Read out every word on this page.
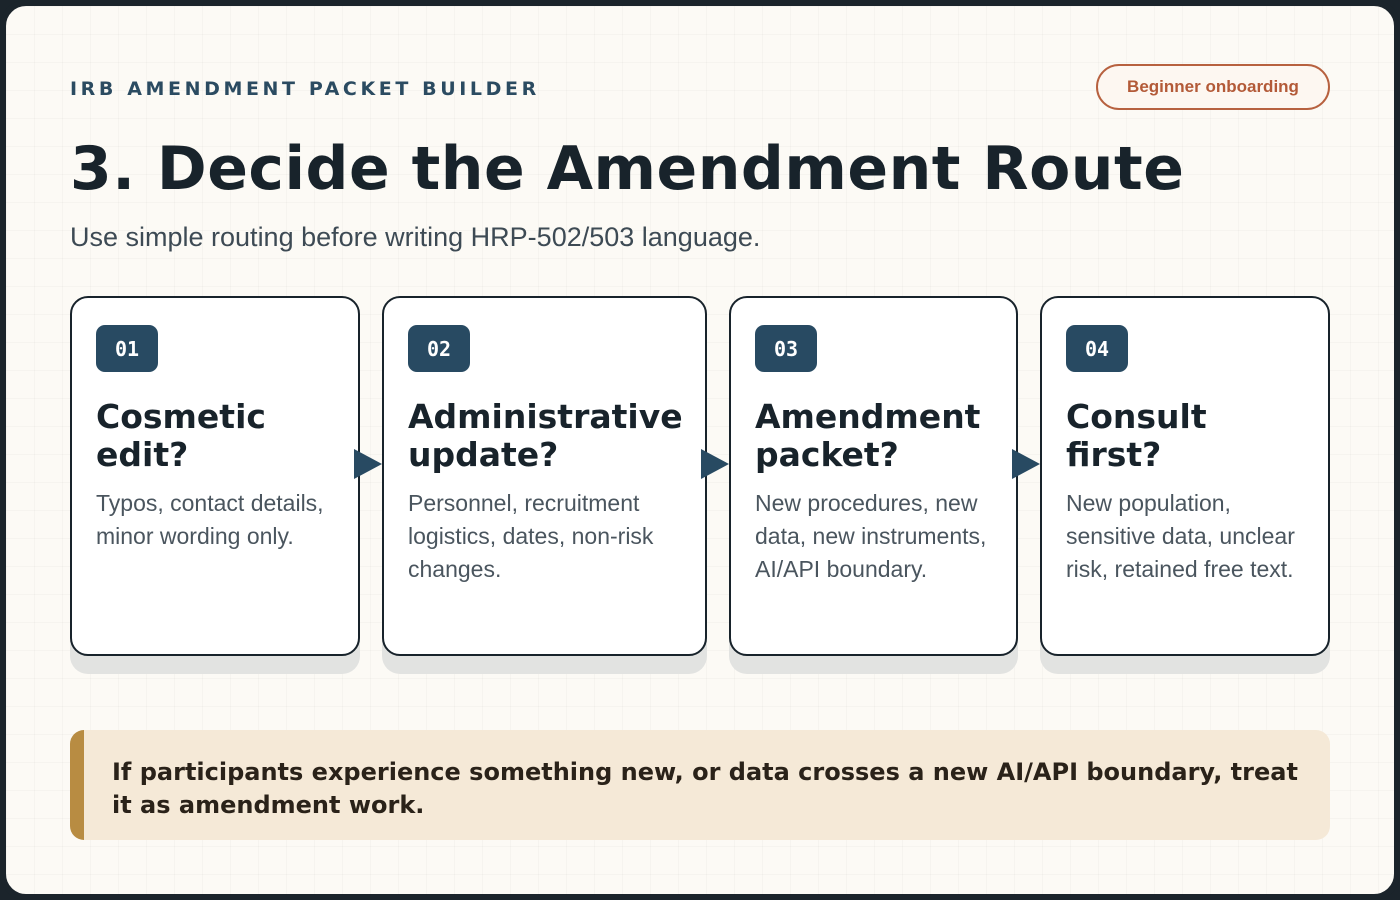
IRB AMENDMENT PACKET BUILDER	Beginner onboarding
3. Decide the Amendment Route
Use simple routing before writing HRP-502/503 language.
01
Cosmetic edit?
Typos, contact details, minor wording only.
02
Administrative update?
Personnel, recruitment logistics, dates, non-risk changes.
03
Amendment packet?
New procedures, new data, new instruments, AI/API boundary.
04
Consult first?
New population, sensitive data, unclear risk, retained free text.
If participants experience something new, or data crosses a new AI/API boundary, treat it as amendment work.
